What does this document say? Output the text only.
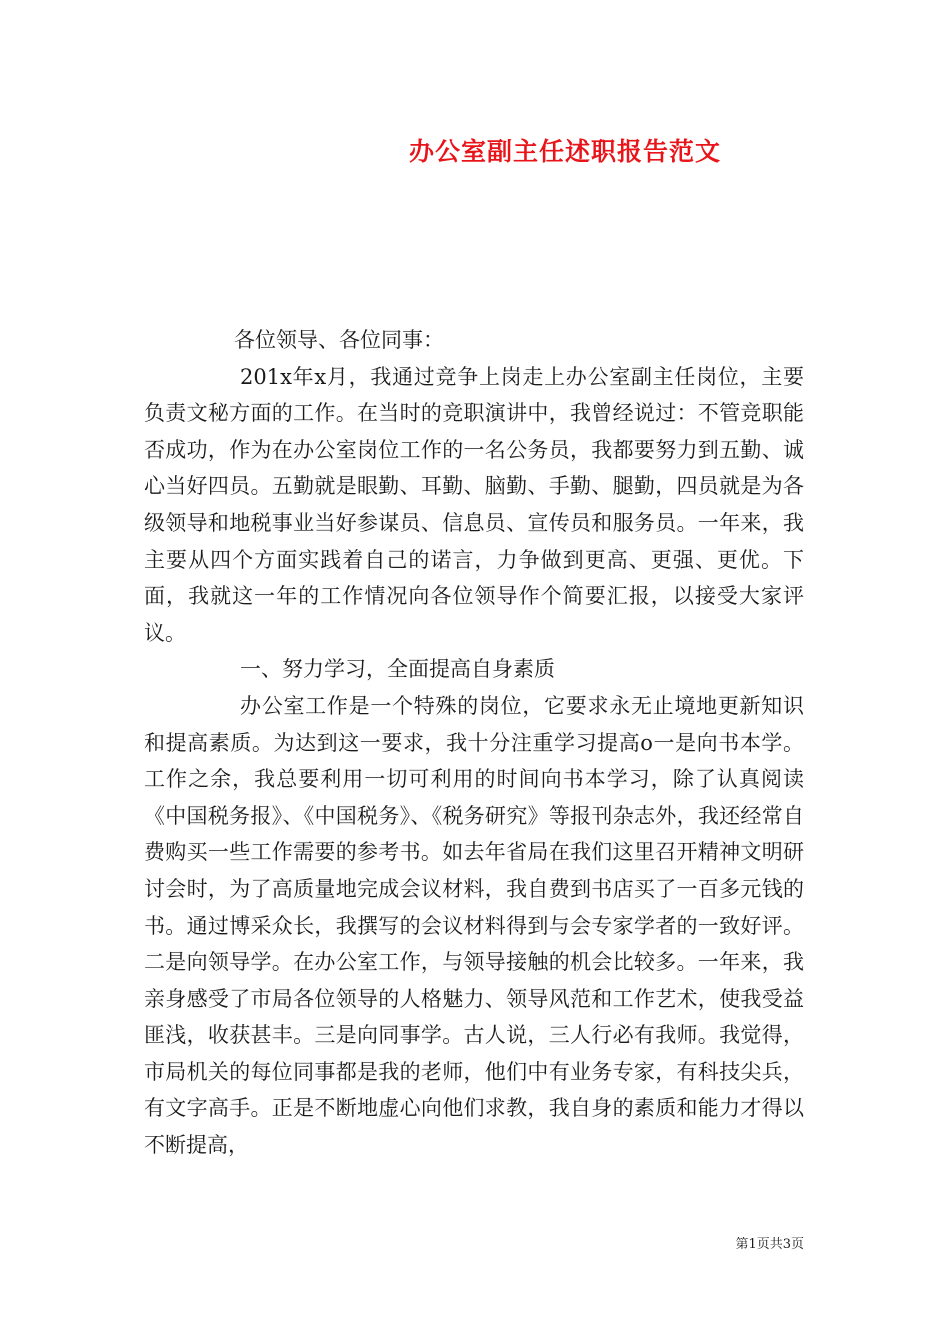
办公室副主任述职报告范文

各位领导、各位同事：

201x年x月，我通过竞争上岗走上办公室副主任岗位，主要负责文秘方面的工作。在当时的竞职演讲中，我曾经说过：不管竞职能否成功，作为在办公室岗位工作的一名公务员，我都要努力到五勤、诚心当好四员。五勤就是眼勤、耳勤、脑勤、手勤、腿勤，四员就是为各级领导和地税事业当好参谋员、信息员、宣传员和服务员。一年来，我主要从四个方面实践着自己的诺言，力争做到更高、更强、更优。下面，我就这一年的工作情况向各位领导作个简要汇报，以接受大家评议。

一、努力学习，全面提高自身素质

办公室工作是一个特殊的岗位，它要求永无止境地更新知识和提高素质。为达到这一要求，我十分注重学习提高o一是向书本学。工作之余，我总要利用一切可利用的时间向书本学习，除了认真阅读《中国税务报》、《中国税务》、《税务研究》等报刊杂志外，我还经常自费购买一些工作需要的参考书。如去年省局在我们这里召开精神文明研讨会时，为了高质量地完成会议材料，我自费到书店买了一百多元钱的书。通过博采众长，我撰写的会议材料得到与会专家学者的一致好评。二是向领导学。在办公室工作，与领导接触的机会比较多。一年来，我亲身感受了市局各位领导的人格魅力、领导风范和工作艺术，使我受益匪浅，收获甚丰。三是向同事学。古人说，三人行必有我师。我觉得，市局机关的每位同事都是我的老师，他们中有业务专家，有科技尖兵，有文字高手。正是不断地虚心向他们求教，我自身的素质和能力才得以不断提高，

第1页共3页
